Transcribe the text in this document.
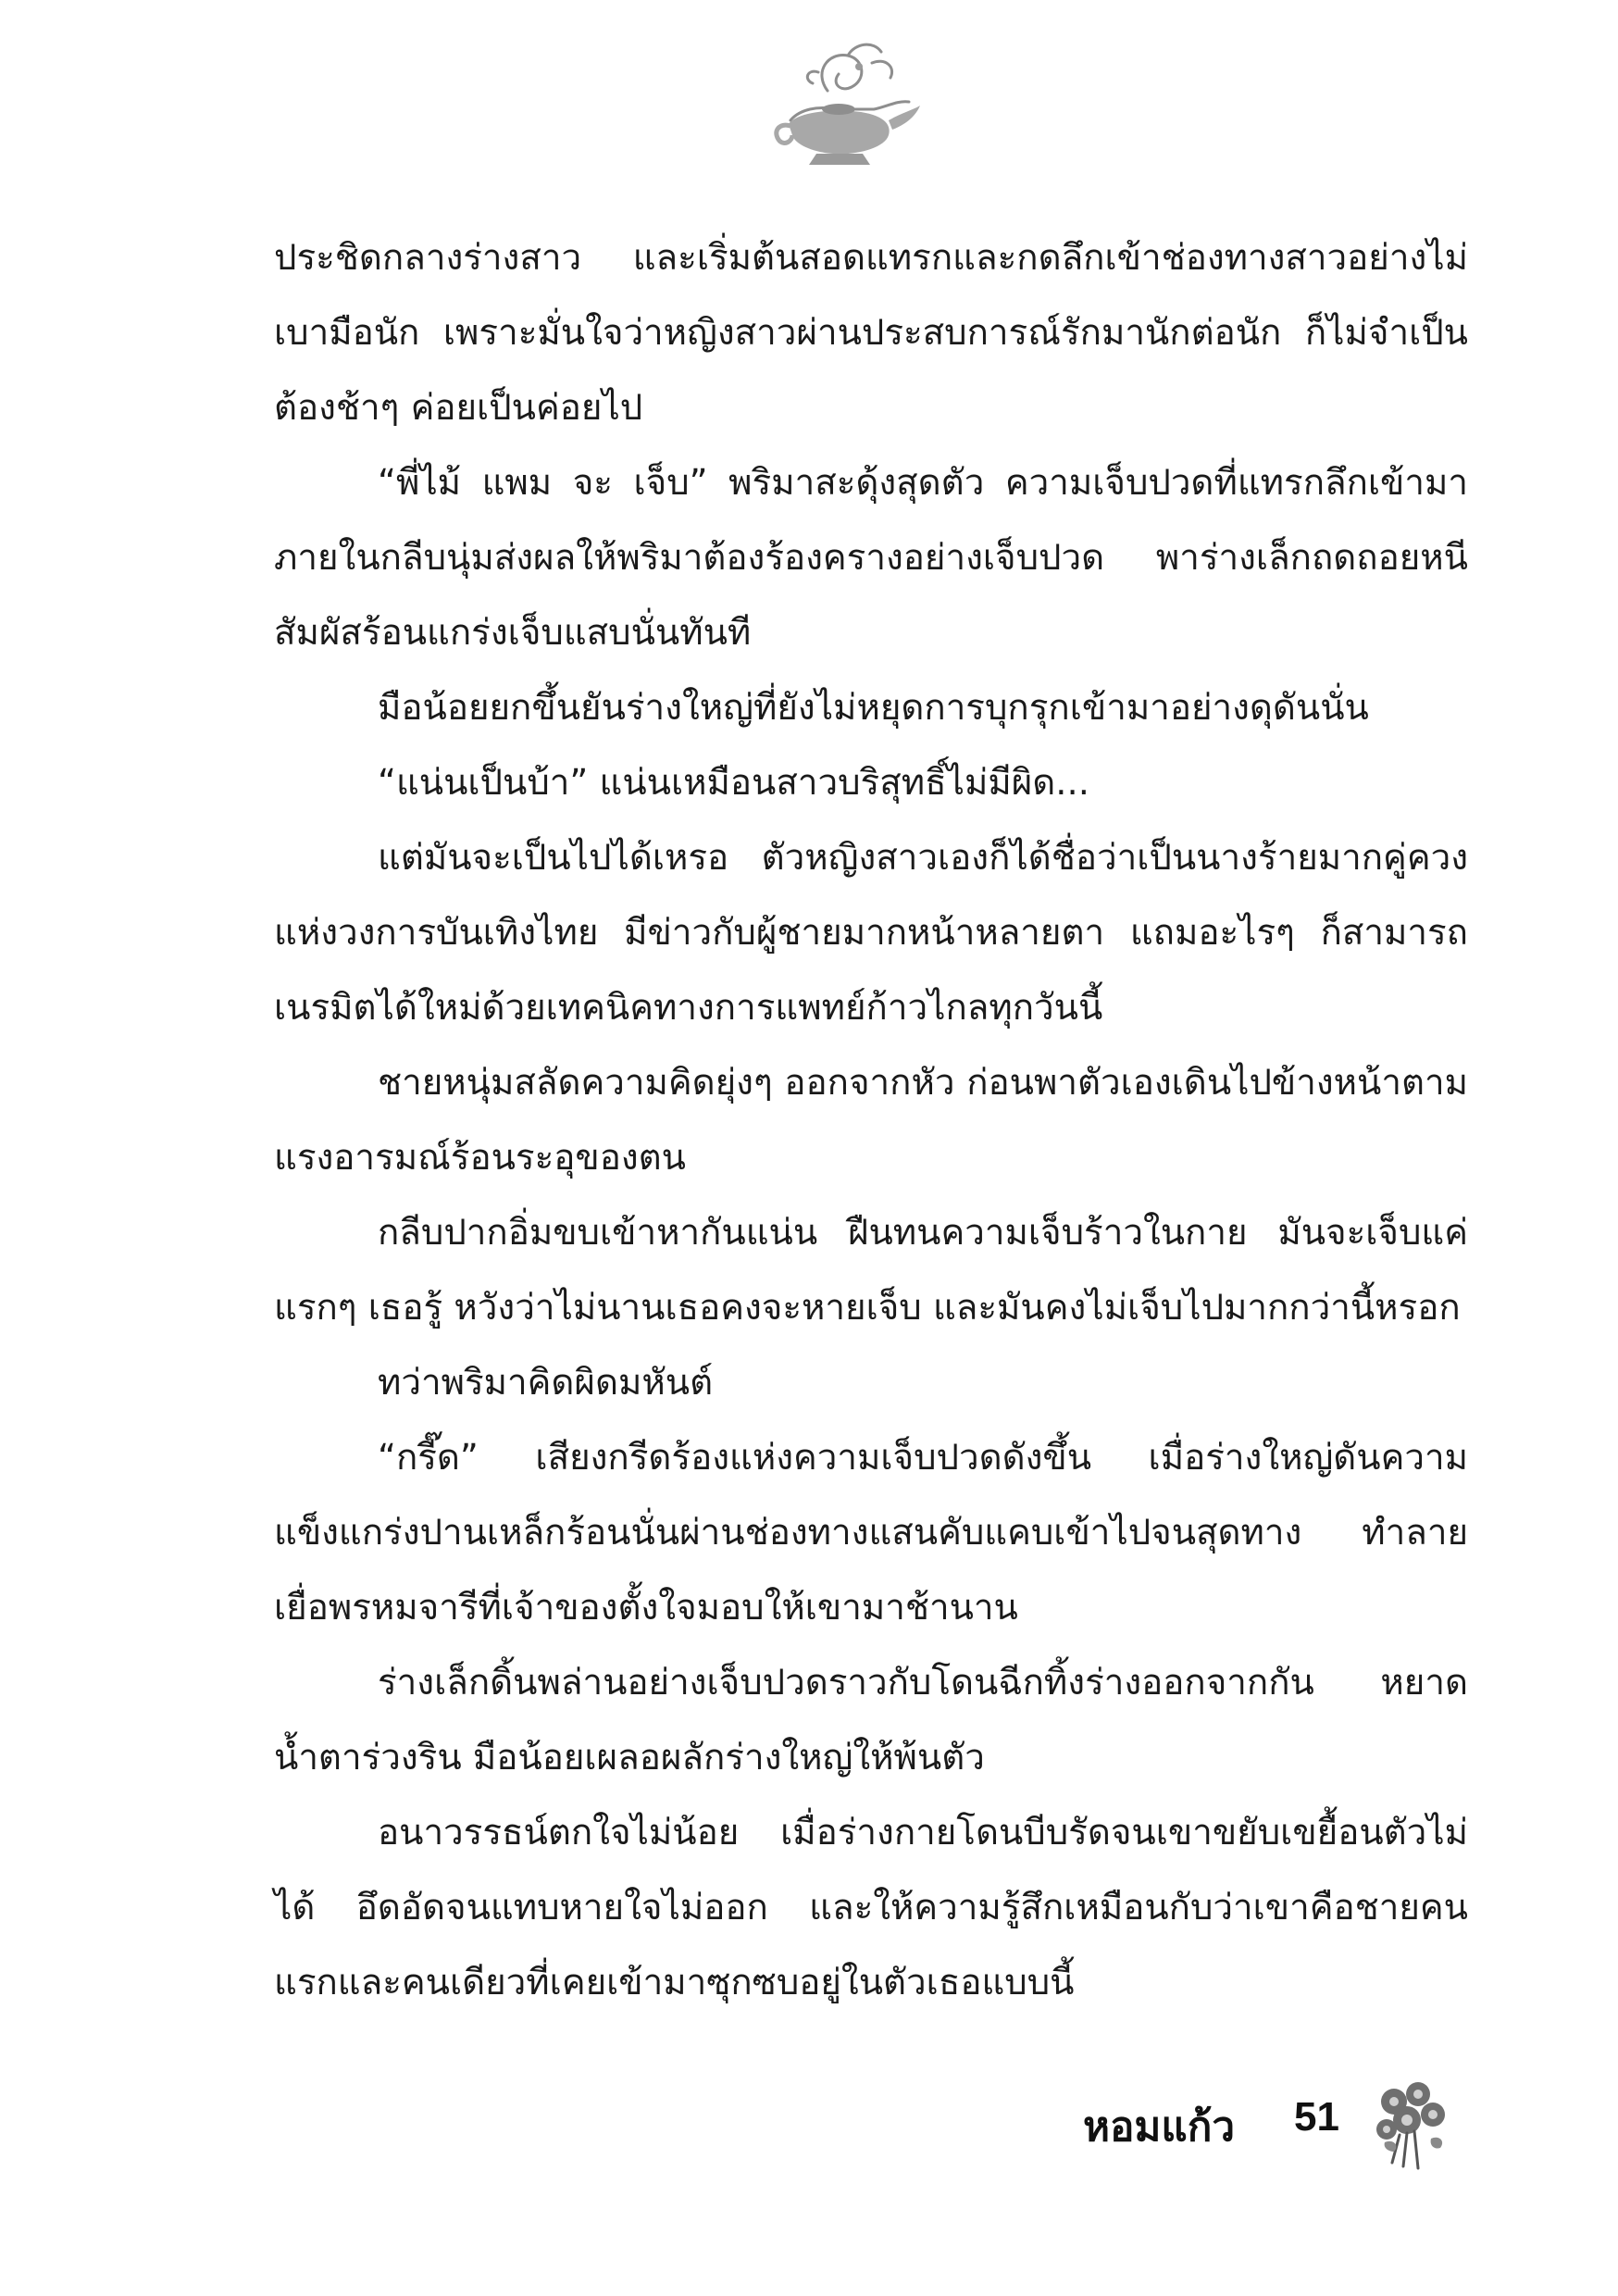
ประชิดกลางร่างสาว และเริ่มต้นสอดแทรกและกดลึกเข้าช่องทางสาวอย่างไม่เบามือนัก เพราะมั่นใจว่าหญิงสาวผ่านประสบการณ์รักมานักต่อนัก ก็ไม่จำเป็นต้องช้าๆ ค่อยเป็นค่อยไป

“พี่ไม้ แพม จะ เจ็บ” พริมาสะดุ้งสุดตัว ความเจ็บปวดที่แทรกลึกเข้ามาภายในกลีบนุ่มส่งผลให้พริมาต้องร้องครางอย่างเจ็บปวด พาร่างเล็กถดถอยหนีสัมผัสร้อนแกร่งเจ็บแสบนั่นทันที

มือน้อยยกขึ้นยันร่างใหญ่ที่ยังไม่หยุดการบุกรุกเข้ามาอย่างดุดันนั่น

“แน่นเป็นบ้า” แน่นเหมือนสาวบริสุทธิ์ไม่มีผิด...

แต่มันจะเป็นไปได้เหรอ ตัวหญิงสาวเองก็ได้ชื่อว่าเป็นนางร้ายมากคู่ควงแห่งวงการบันเทิงไทย มีข่าวกับผู้ชายมากหน้าหลายตา แถมอะไรๆ ก็สามารถเนรมิตได้ใหม่ด้วยเทคนิคทางการแพทย์ก้าวไกลทุกวันนี้

ชายหนุ่มสลัดความคิดยุ่งๆ ออกจากหัว ก่อนพาตัวเองเดินไปข้างหน้าตามแรงอารมณ์ร้อนระอุของตน

กลีบปากอิ่มขบเข้าหากันแน่น ฝืนทนความเจ็บร้าวในกาย มันจะเจ็บแค่แรกๆ เธอรู้ หวังว่าไม่นานเธอคงจะหายเจ็บ และมันคงไม่เจ็บไปมากกว่านี้หรอก

ทว่าพริมาคิดผิดมหันต์

“กรี๊ด” เสียงกรีดร้องแห่งความเจ็บปวดดังขึ้น เมื่อร่างใหญ่ดันความแข็งแกร่งปานเหล็กร้อนนั่นผ่านช่องทางแสนคับแคบเข้าไปจนสุดทาง ทำลายเยื่อพรหมจารีที่เจ้าของตั้งใจมอบให้เขามาช้านาน

ร่างเล็กดิ้นพล่านอย่างเจ็บปวดราวกับโดนฉีกทิ้งร่างออกจากกัน หยาดน้ำตาร่วงริน มือน้อยเผลอผลักร่างใหญ่ให้พ้นตัว

อนาวรรธน์ตกใจไม่น้อย เมื่อร่างกายโดนบีบรัดจนเขาขยับเขยื้อนตัวไม่ได้ อึดอัดจนแทบหายใจไม่ออก และให้ความรู้สึกเหมือนกับว่าเขาคือชายคนแรกและคนเดียวที่เคยเข้ามาซุกซบอยู่ในตัวเธอแบบนี้

หอมแก้ว 51
